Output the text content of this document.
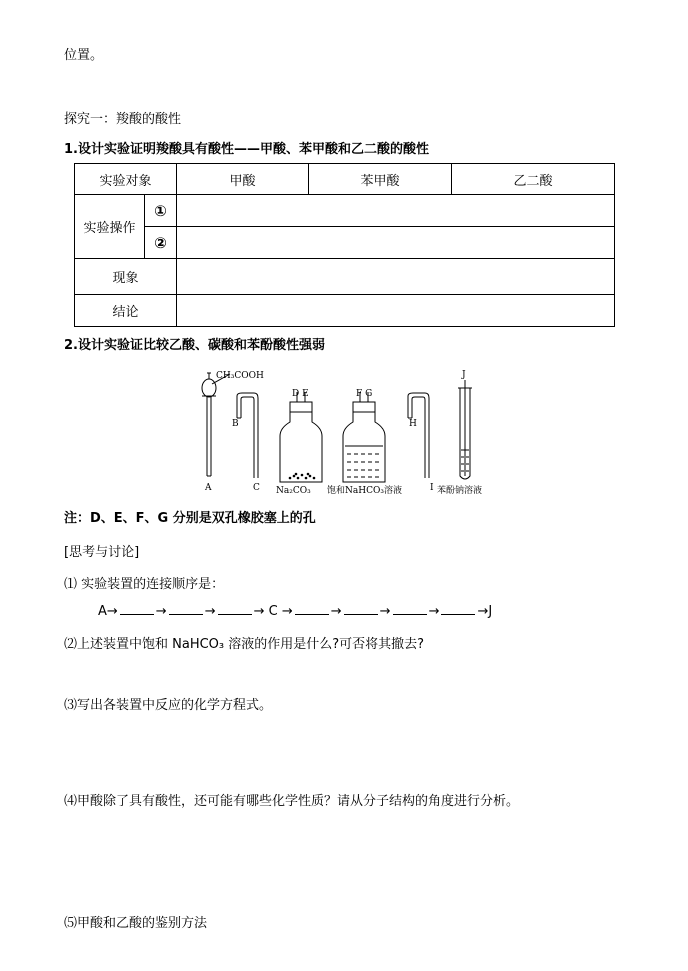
位置。
探究一：羧酸的酸性
1.设计实验证明羧酸具有酸性——甲酸、苯甲酸和乙二酸的酸性
实验对象		甲酸	苯甲酸	乙二酸
实验操作	①			
	②			
现象				
结论				
2.设计实验证比较乙酸、碳酸和苯酚酸性强弱
CH₃COOH
A
B
C
D E	F G
H
I
J
Na₂CO₃ 饱和NaHCO₃溶液	苯酚钠溶液
注：D、E、F、G 分别是双孔橡胶塞上的孔
[思考与讨论]
⑴ 实验装置的连接顺序是：
A→	→	→	→ C →	→	→	→	→J
⑵上述装置中饱和 NaHCO₃ 溶液的作用是什么?可否将其撤去?
⑶写出各装置中反应的化学方程式。
⑷甲酸除了具有酸性，还可能有哪些化学性质？请从分子结构的角度进行分析。
⑸甲酸和乙酸的鉴别方法
